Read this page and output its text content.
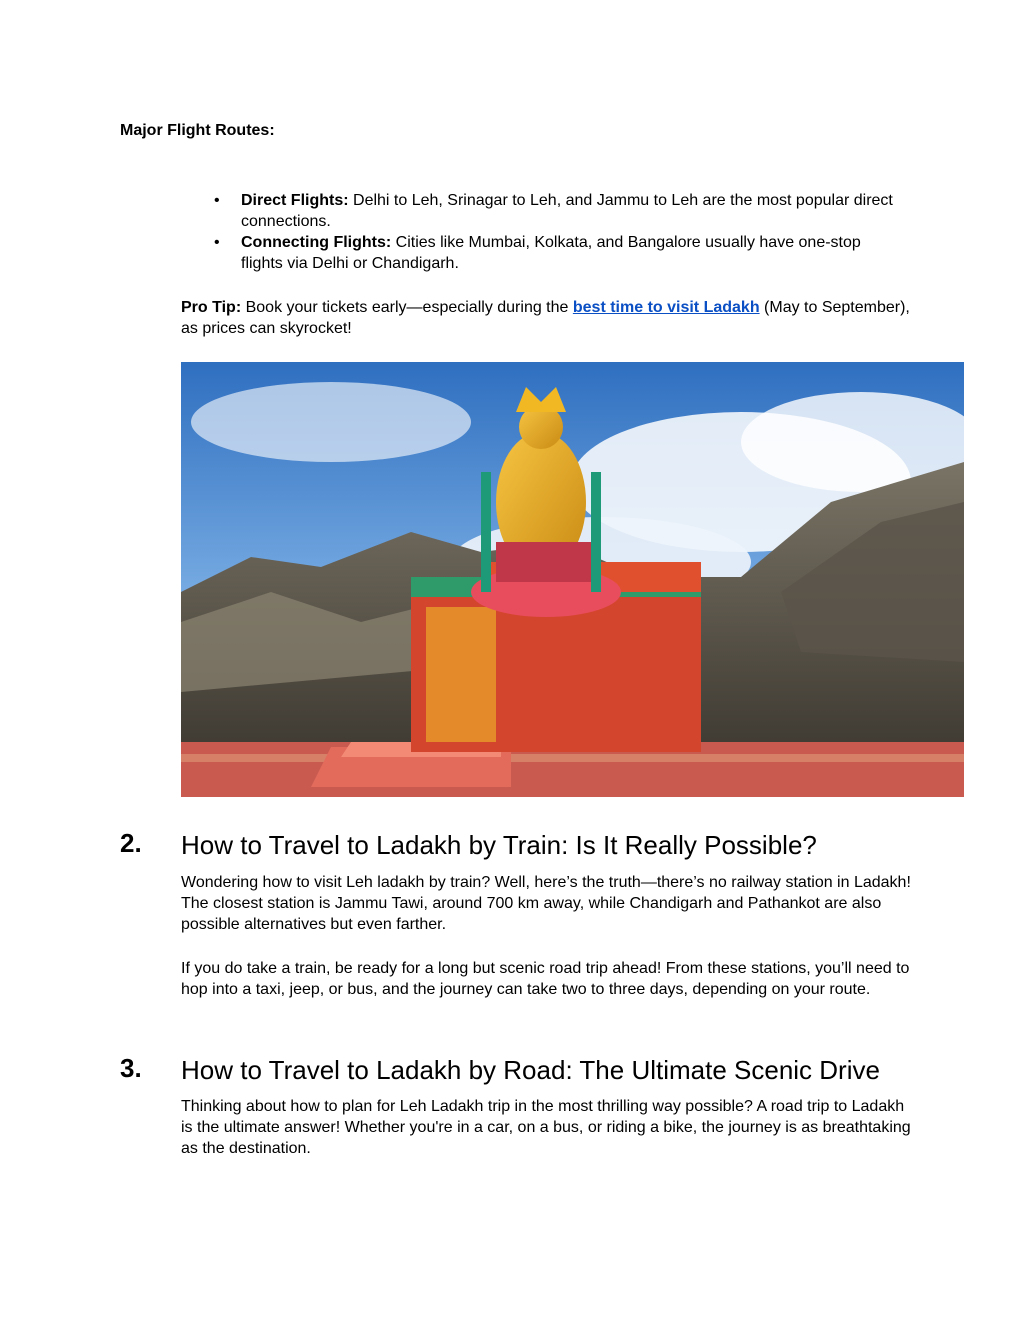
Major Flight Routes:
• Direct Flights: Delhi to Leh, Srinagar to Leh, and Jammu to Leh are the most popular direct connections.
• Connecting Flights: Cities like Mumbai, Kolkata, and Bangalore usually have one-stop flights via Delhi or Chandigarh.
Pro Tip: Book your tickets early—especially during the best time to visit Ladakh (May to September), as prices can skyrocket!
2. How to Travel to Ladakh by Train: Is It Really Possible?
Wondering how to visit Leh ladakh by train? Well, here’s the truth—there’s no railway station in Ladakh! The closest station is Jammu Tawi, around 700 km away, while Chandigarh and Pathankot are also possible alternatives but even farther.
If you do take a train, be ready for a long but scenic road trip ahead! From these stations, you’ll need to hop into a taxi, jeep, or bus, and the journey can take two to three days, depending on your route.
3. How to Travel to Ladakh by Road: The Ultimate Scenic Drive
Thinking about how to plan for Leh Ladakh trip in the most thrilling way possible? A road trip to Ladakh is the ultimate answer! Whether you're in a car, on a bus, or riding a bike, the journey is as breathtaking as the destination.
